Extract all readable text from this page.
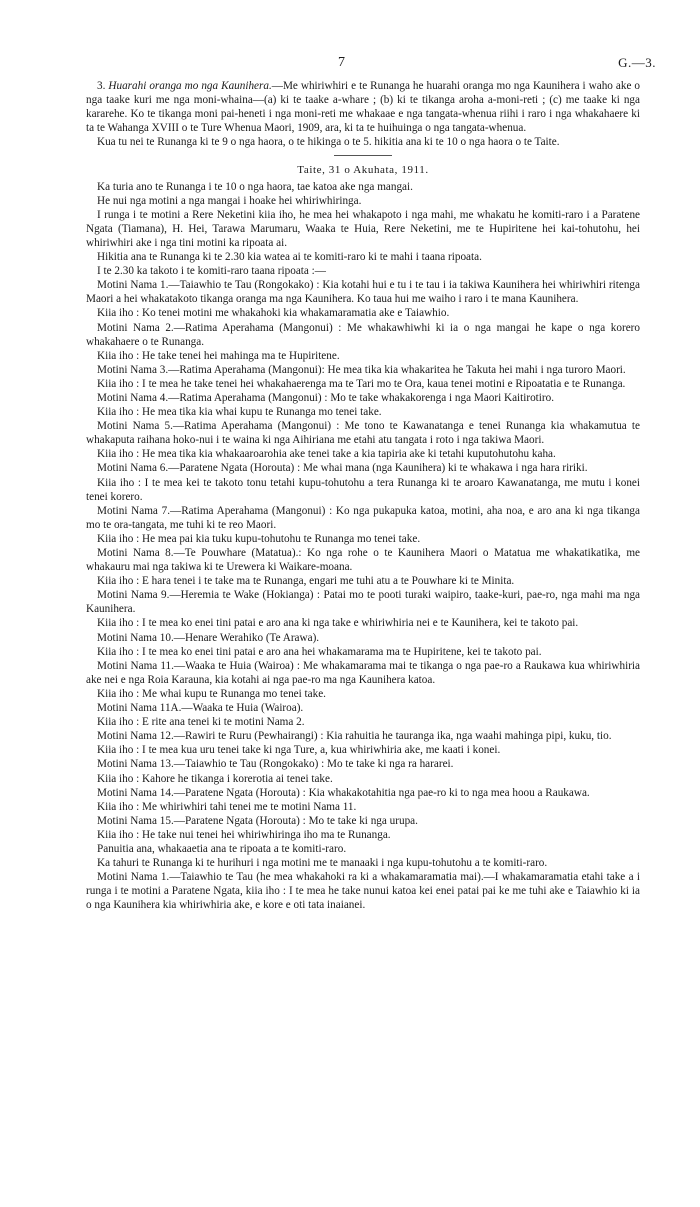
7	G.—3.

3. Huarahi oranga mo nga Kaunihera.—Me whiriwhiri e te Runanga he huarahi oranga mo nga Kaunihera i waho ake o nga taake kuri me nga moni-whaina—(a) ki te taake a-whare ; (b) ki te tikanga aroha a-moni-reti ; (c) me taake ki nga kararehe. Ko te tikanga moni pai-heneti i nga moni-reti me whakaae e nga tangata-whenua riihi i raro i nga whakahaere ki ta te Wahanga XVIII o te Ture Whenua Maori, 1909, ara, ki ta te huihuinga o nga tangata-whenua.

Kua tu nei te Runanga ki te 9 o nga haora, o te hikinga o te 5. hikitia ana ki te 10 o nga haora o te Taite.

Taite, 31 o Akuhata, 1911.

Ka turia ano te Runanga i te 10 o nga haora, tae katoa ake nga mangai.

He nui nga motini a nga mangai i hoake hei whiriwhiringa.

I runga i te motini a Rere Neketini kiia iho, he mea hei whakapoto i nga mahi, me whakatu he komiti-raro i a Paratene Ngata (Tiamana), H. Hei, Tarawa Marumaru, Waaka te Huia, Rere Neketini, me te Hupiritene hei kai-tohutohu, hei whiriwhiri ake i nga tini motini ka ripoata ai.

Hikitia ana te Runanga ki te 2.30 kia watea ai te komiti-raro ki te mahi i taana ripoata.

I te 2.30 ka takoto i te komiti-raro taana ripoata :—

Motini Nama 1.—Taiawhio te Tau (Rongokako) : Kia kotahi hui e tu i te tau i ia takiwa Kaunihera hei whiriwhiri ritenga Maori a hei whakatakoto tikanga oranga ma nga Kaunihera. Ko taua hui me waiho i raro i te mana Kaunihera.

Kiia iho : Ko tenei motini me whakahoki kia whakamaramatia ake e Taiawhio.

Motini Nama 2.—Ratima Aperahama (Mangonui) : Me whakawhiwhi ki ia o nga mangai he kape o nga korero whakahaere o te Runanga.

Kiia iho : He take tenei hei mahinga ma te Hupiritene.

Motini Nama 3.—Ratima Aperahama (Mangonui): He mea tika kia whakaritea he Takuta hei mahi i nga turoro Maori.

Kiia iho : I te mea he take tenei hei whakahaerenga ma te Tari mo te Ora, kaua tenei motini e Ripoatatia e te Runanga.

Motini Nama 4.—Ratima Aperahama (Mangonui) : Mo te take whakakorenga i nga Maori Kaitirotiro.

Kiia iho : He mea tika kia whai kupu te Runanga mo tenei take.

Motini Nama 5.—Ratima Aperahama (Mangonui) : Me tono te Kawanatanga e tenei Runanga kia whakamutua te whakaputa raihana hoko-nui i te waina ki nga Aihiriana me etahi atu tangata i roto i nga takiwa Maori.

Kiia iho : He mea tika kia whakaaroarohia ake tenei take a kia tapiria ake ki tetahi kuputohutohu kaha.

Motini Nama 6.—Paratene Ngata (Horouta) : Me whai mana (nga Kaunihera) ki te whakawa i nga hara ririki.

Kiia iho : I te mea kei te takoto tonu tetahi kupu-tohutohu a tera Runanga ki te aroaro Kawanatanga, me mutu i konei tenei korero.

Motini Nama 7.—Ratima Aperahama (Mangonui) : Ko nga pukapuka katoa, motini, aha noa, e aro ana ki nga tikanga mo te ora-tangata, me tuhi ki te reo Maori.

Kiia iho : He mea pai kia tuku kupu-tohutohu te Runanga mo tenei take.

Motini Nama 8.—Te Pouwhare (Matatua).: Ko nga rohe o te Kaunihera Maori o Matatua me whakatikatika, me whakauru mai nga takiwa ki te Urewera ki Waikare-moana.

Kiia iho : E hara tenei i te take ma te Runanga, engari me tuhi atu a te Pouwhare ki te Minita.

Motini Nama 9.—Heremia te Wake (Hokianga) : Patai mo te pooti turaki waipiro, taake-kuri, pae-ro, nga mahi ma nga Kaunihera.

Kiia iho : I te mea ko enei tini patai e aro ana ki nga take e whiriwhiria nei e te Kaunihera, kei te takoto pai.

Motini Nama 10.—Henare Werahiko (Te Arawa).

Kiia iho : I te mea ko enei tini patai e aro ana hei whakamarama ma te Hupiritene, kei te takoto pai.

Motini Nama 11.—Waaka te Huia (Wairoa) : Me whakamarama mai te tikanga o nga pae-ro a Raukawa kua whiriwhiria ake nei e nga Roia Karauna, kia kotahi ai nga pae-ro ma nga Kaunihera katoa.

Kiia iho : Me whai kupu te Runanga mo tenei take.

Motini Nama 11A.—Waaka te Huia (Wairoa).

Kiia iho : E rite ana tenei ki te motini Nama 2.

Motini Nama 12.—Rawiri te Ruru (Pewhairangi) : Kia rahuitia he tauranga ika, nga waahi mahinga pipi, kuku, tio.

Kiia iho : I te mea kua uru tenei take ki nga Ture, a, kua whiriwhiria ake, me kaati i konei.

Motini Nama 13.—Taiawhio te Tau (Rongokako) : Mo te take ki nga ra hararei.

Kiia iho : Kahore he tikanga i korerotia ai tenei take.

Motini Nama 14.—Paratene Ngata (Horouta) : Kia whakakotahitia nga pae-ro ki to nga mea hoou a Raukawa.

Kiia iho : Me whiriwhiri tahi tenei me te motini Nama 11.

Motini Nama 15.—Paratene Ngata (Horouta) : Mo te take ki nga urupa.

Kiia iho : He take nui tenei hei whiriwhiringa iho ma te Runanga.

Panuitia ana, whakaaetia ana te ripoata a te komiti-raro.

Ka tahuri te Runanga ki te hurihuri i nga motini me te manaaki i nga kupu-tohutohu a te komiti-raro.

Motini Nama 1.—Taiawhio te Tau (he mea whakahoki ra ki a whakamaramatia mai).—I whakamaramatia etahi take a i runga i te motini a Paratene Ngata, kiia iho : I te mea he take nunui katoa kei enei patai pai ke me tuhi ake e Taiawhio ki ia o nga Kaunihera kia whiriwhiria ake, e kore e oti tata inaianei.
